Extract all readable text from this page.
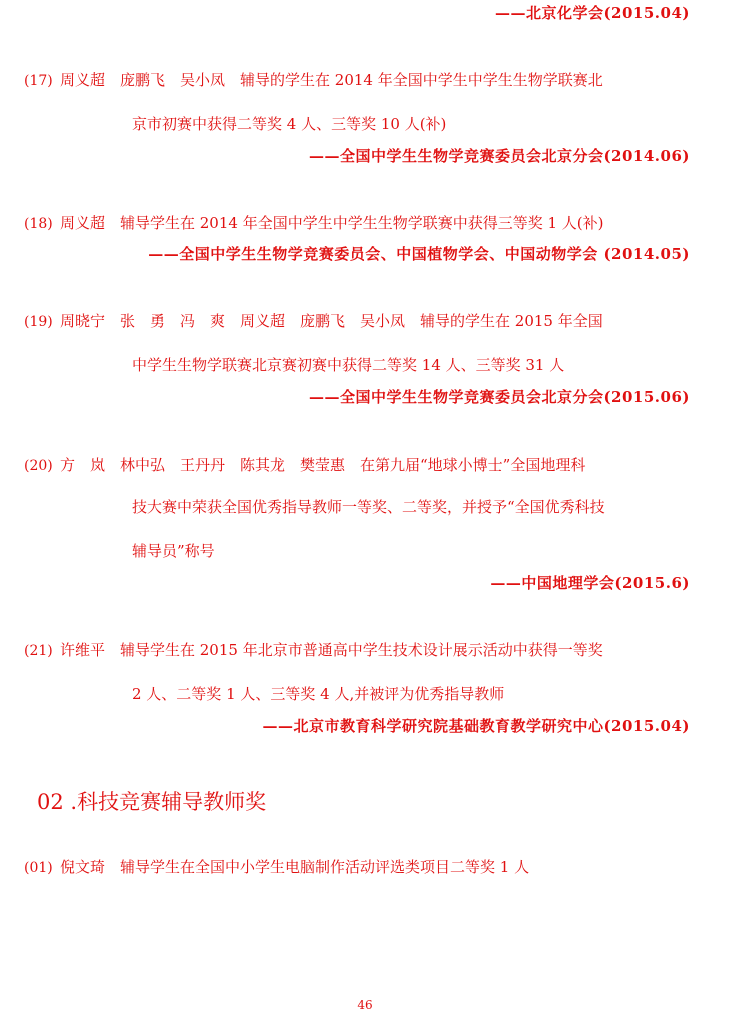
——北京化学会(2015.04)
(17) 周义超　庞鹏飞　吴小凤　辅导的学生在 2014 年全国中学生中学生生物学联赛北
京市初赛中获得二等奖 4 人、三等奖 10 人(补)
——全国中学生生物学竞赛委员会北京分会(2014.06)
(18) 周义超　辅导学生在 2014 年全国中学生中学生生物学联赛中获得三等奖 1 人(补)
——全国中学生生物学竞赛委员会、中国植物学会、中国动物学会 (2014.05)
(19) 周晓宁　张　勇　冯　爽　周义超　庞鹏飞　吴小凤　辅导的学生在 2015 年全国
中学生生物学联赛北京赛初赛中获得二等奖 14 人、三等奖 31 人
——全国中学生生物学竞赛委员会北京分会(2015.06)
(20) 方　岚　林中弘　王丹丹　陈其龙　樊莹惠　在第九届“地球小博士”全国地理科
技大赛中荣获全国优秀指导教师一等奖、二等奖，并授予“全国优秀科技
辅导员”称号
——中国地理学会(2015.6)
(21) 许维平　辅导学生在 2015 年北京市普通高中学生技术设计展示活动中获得一等奖
2 人、二等奖 1 人、三等奖 4 人,并被评为优秀指导教师
——北京市教育科学研究院基础教育教学研究中心(2015.04)
02 .科技竞赛辅导教师奖
(01) 倪文琦　辅导学生在全国中小学生电脑制作活动评选类项目二等奖 1 人
46
